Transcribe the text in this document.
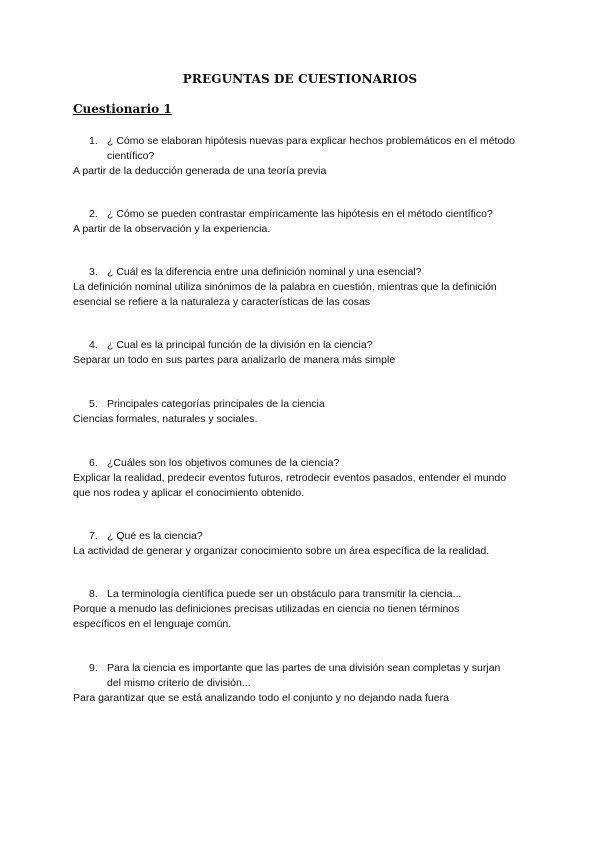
PREGUNTAS DE CUESTIONARIOS
Cuestionario 1
1. ¿ Cómo se elaboran hipótesis nuevas para explicar hechos problemáticos en el método científico?
A partir de la deducción generada de una teoría previa
2. ¿ Cómo se pueden contrastar empíricamente las hipótesis en el método científico?
A partir de la observación y la experiencia.
3. ¿ Cuál es la diferencia entre una definición nominal y una esencial?
La definición nominal utiliza sinónimos de la palabra en cuestión, mientras que la definición esencial se refiere a la naturaleza y características de las cosas
4. ¿ Cual es la principal función de la división en la ciencia?
Separar un todo en sus partes para analizarlo de manera más simple
5. Principales categorías principales de la ciencia
Ciencias formales, naturales y sociales.
6. ¿Cuáles son los objetivos comunes de la ciencia?
Explicar la realidad, predecir eventos futuros, retrodecir eventos pasados, entender el mundo que nos rodea y aplicar el conocimiento obtenido.
7. ¿ Qué es la ciencia?
La actividad de generar y organizar conocimiento sobre un área específica de la realidad.
8. La terminología científica puede ser un obstáculo para transmitir la ciencia...
Porque a menudo las definiciones precisas utilizadas en ciencia no tienen términos específicos en el lenguaje común.
9. Para la ciencia es importante que las partes de una división sean completas y surjan del mismo criterio de división...
Para garantizar que se está analizando todo el conjunto y no dejando nada fuera
